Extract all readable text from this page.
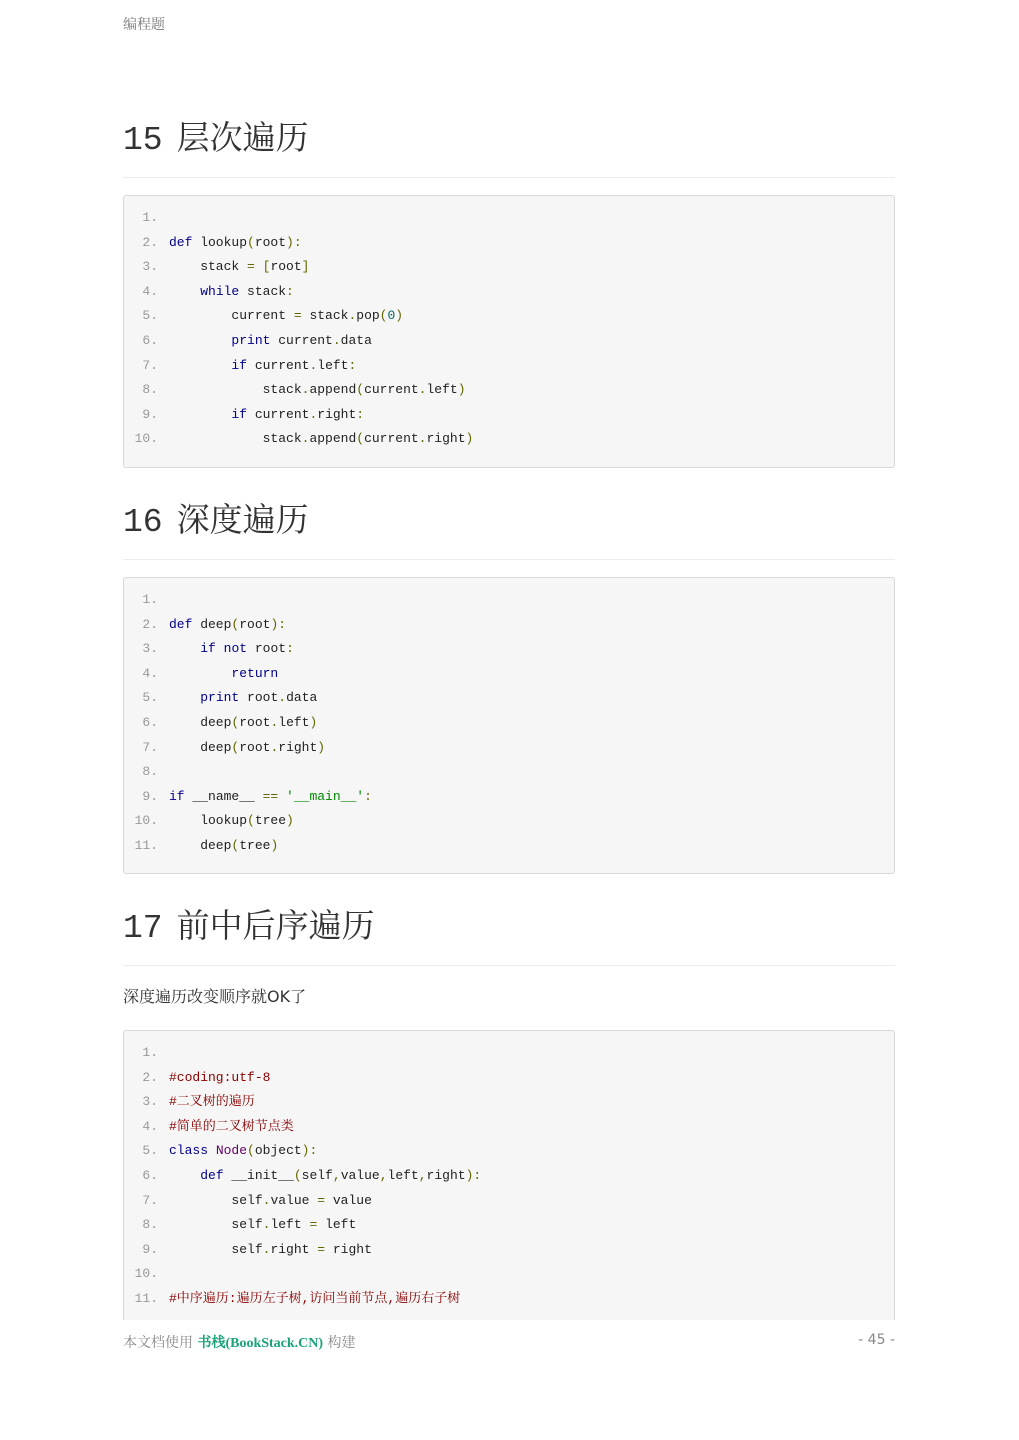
编程题
15 层次遍历
1.
2. def lookup(root):
3. stack = [root]
4.	while stack:
5. current = stack.pop(0)
6.	print current.data
7.	if current.left:
8. stack.append(current.left)
9.	if current.right:
10. stack.append(current.right)
16 深度遍历
1.
2. def deep(root):
3.	if not root:
4.	return
5.	print root.data
6. deep(root.left)
7. deep(root.right)
8.
9. if __name__ == '__main__':
10. lookup(tree)
11. deep(tree)
17 前中后序遍历
深度遍历改变顺序就OK了
1.
2. #coding:utf-8
3. #二叉树的遍历
4. #简单的二叉树节点类
5. class Node(object):
6.	def __init__(self,value,left,right):
7. self.value = value
8. self.left = left
9. self.right = right
10.
11. #中序遍历:遍历左子树,访问当前节点,遍历右子树
本文档使用 书栈(BookStack.CN) 构建	- 45 -
